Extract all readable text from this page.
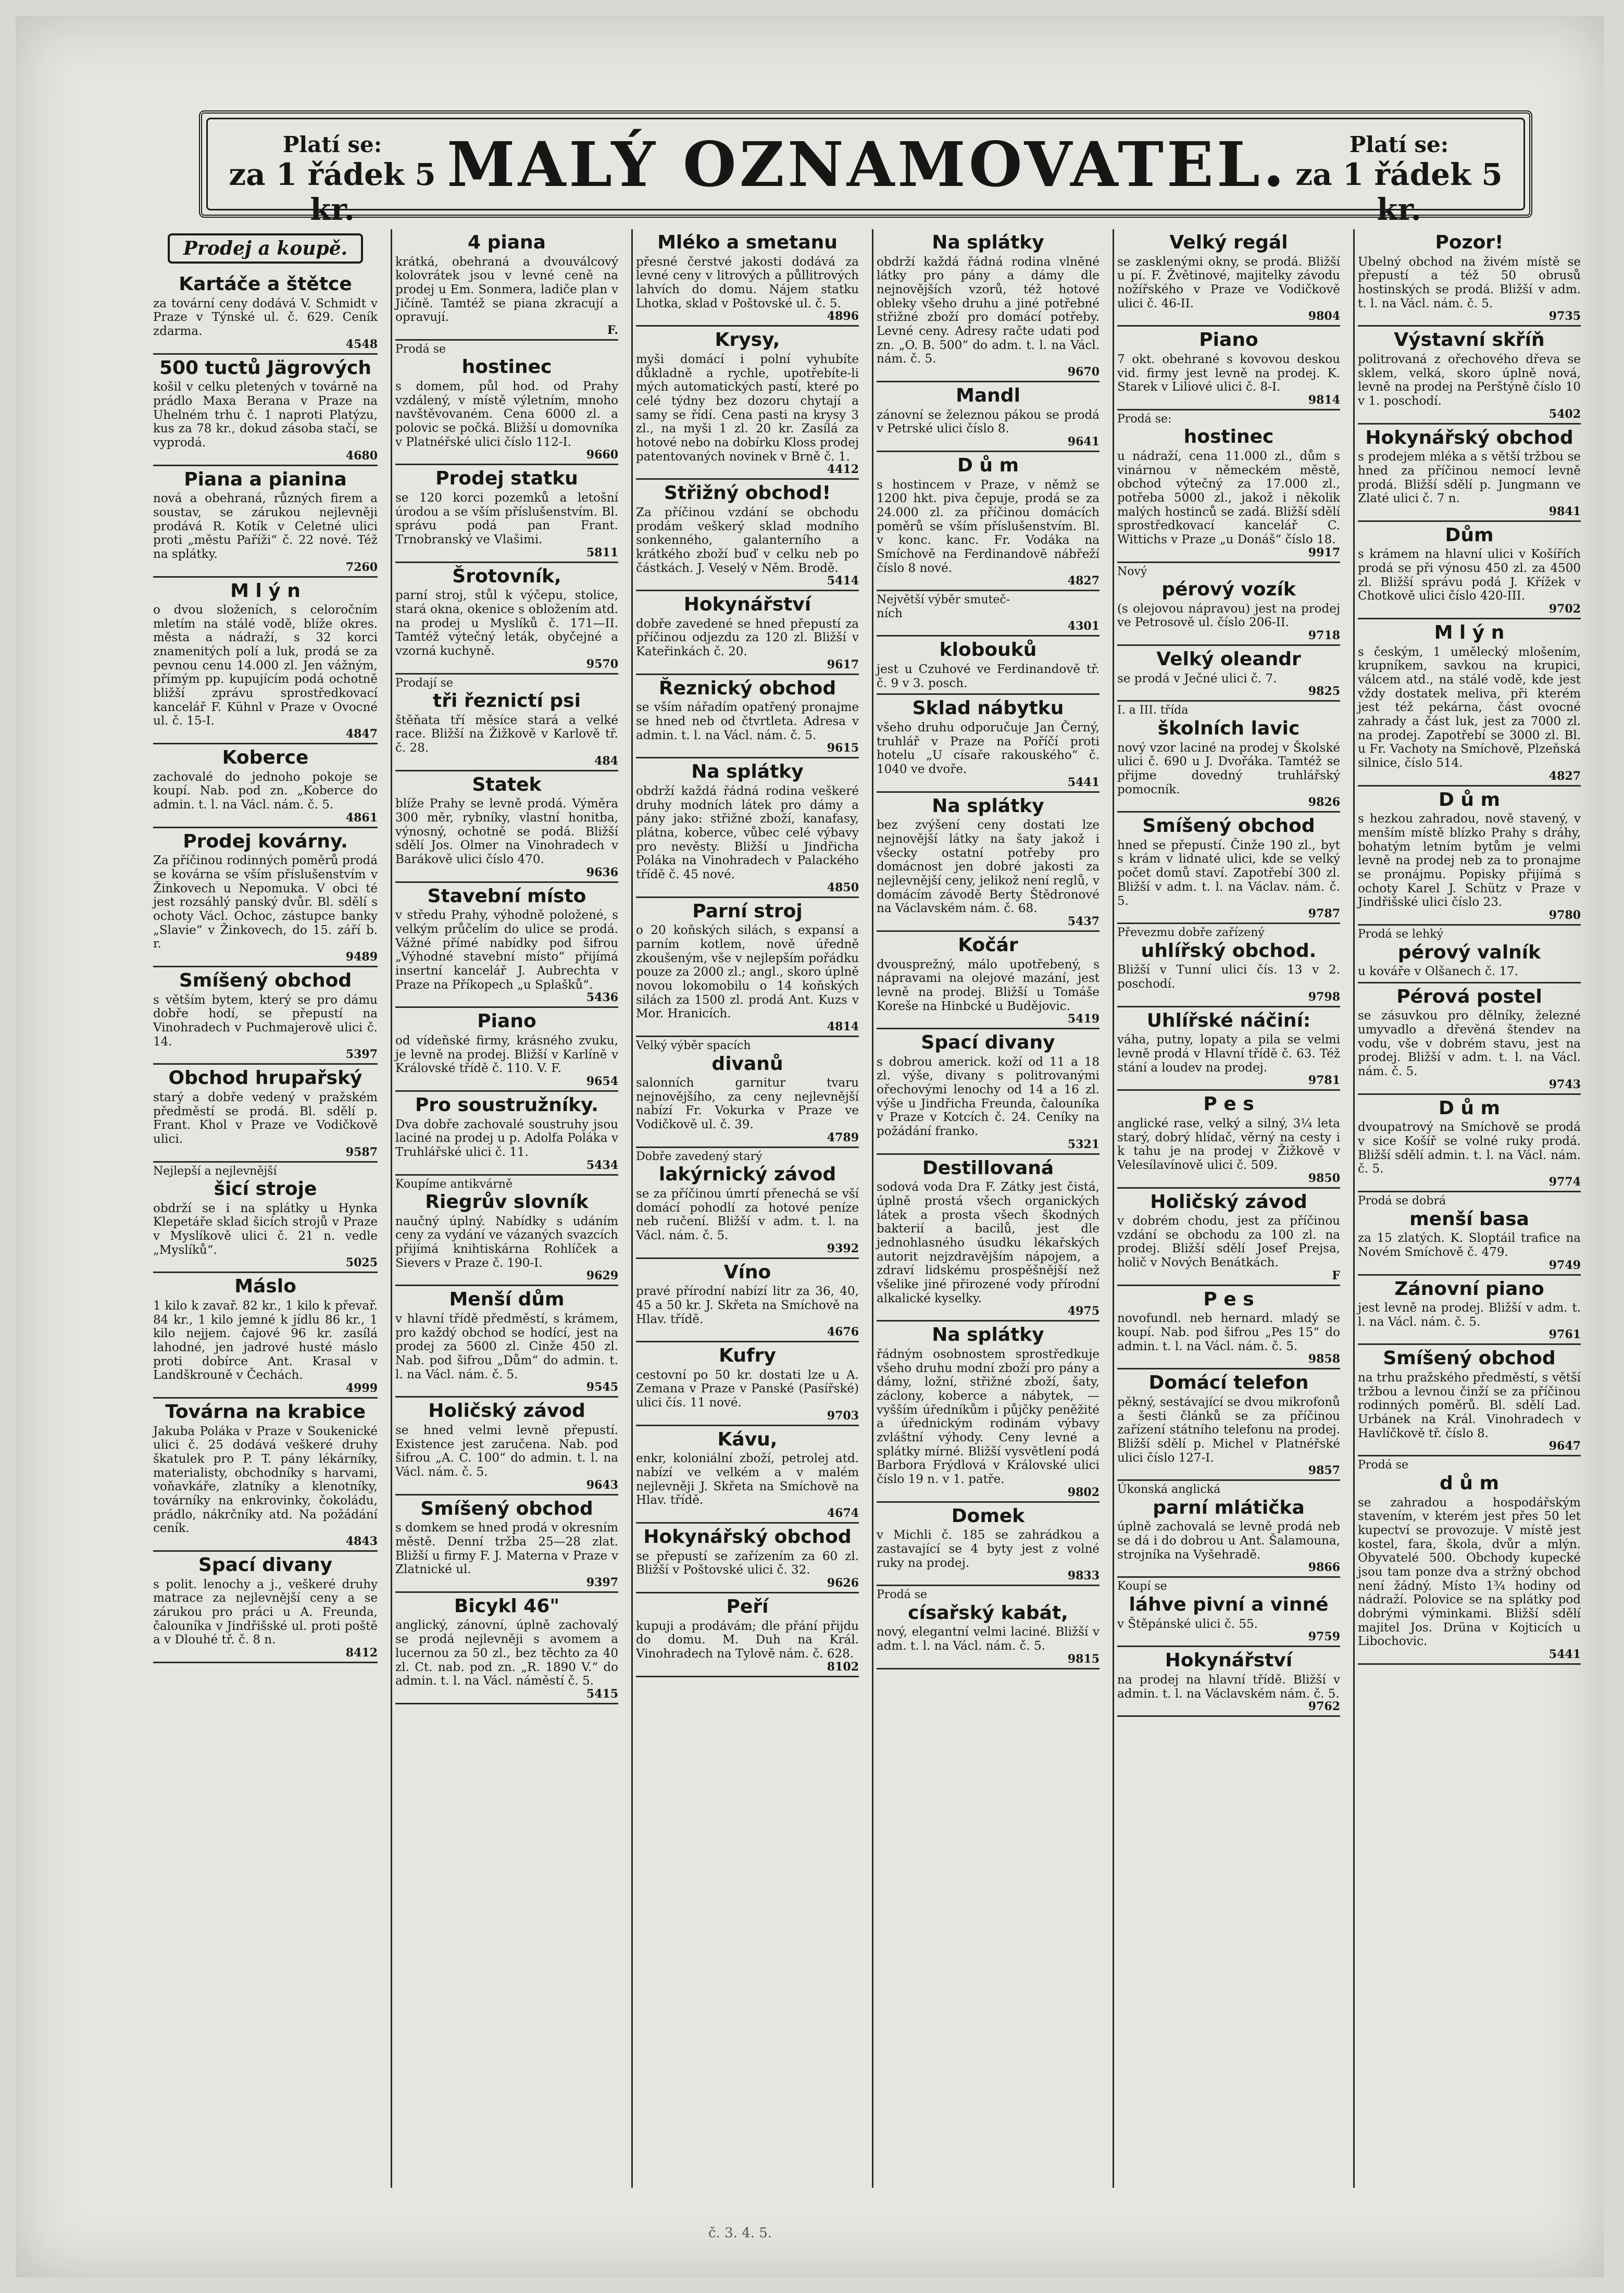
Platí se:
za 1 řádek 5 kr.
MALÝ OZNAMOVATEL.	Platí se:
za 1 řádek 5 kr.
Prodej a koupě.
Kartáče a štětce
za tovární ceny dodává V. Schmidt v Praze v Týnské ul. č. 629. Ceník zdarma.
4548
500 tuctů Jägrových
košil v celku pletených v továrně na prádlo Maxa Berana v Praze na Uhelném trhu č. 1 naproti Platýzu, kus za 78 kr., dokud zásoba stačí, se vyprodá.
4680
Piana a pianina
nová a obehraná, různých firem a soustav, se zárukou nejlevněji prodává R. Kotík v Celetné ulici proti „městu Paříži“ č. 22 nové. Též na splátky.
7260
M l ý n
o dvou složeních, s celoročním mletím na stálé vodě, blíže okres. města a nádraží, s 32 korci znamenitých polí a luk, prodá se za pevnou cenu 14.000 zl. Jen vážným, přímým pp. kupujícím podá ochotně bližší zprávu sprostředkovací kancelář F. Kühnl v Praze v Ovocné ul. č. 15-I.
4847
Koberce
zachovalé do jednoho pokoje se koupí. Nab. pod zn. „Koberce do admin. t. l. na Václ. nám. č. 5.
4861
Prodej kovárny.
Za příčinou rodinných poměrů prodá se kovárna se vším příslušenstvím v Žinkovech u Nepomuka. V obci té jest rozsáhlý panský dvůr. Bl. sdělí s ochoty Václ. Ochoc, zástupce banky „Slavie“ v Žinkovech, do 15. září b. r.
9489
Smíšený obchod
s větším bytem, který se pro dámu dobře hodí, se přepustí na Vinohradech v Puchmajerově ulici č. 14.
5397
Obchod hrupařský
starý a dobře vedený v pražském předměstí se prodá. Bl. sdělí p. Frant. Khol v Praze ve Vodičkově ulici.
9587
Nejlepší a nejlevnější
šicí stroje
obdrží se i na splátky u Hynka Klepetáře sklad šicích strojů v Praze v Myslíkově ulici č. 21 n. vedle „Myslíků“.
5025
Máslo
1 kilo k zavař. 82 kr., 1 kilo k převař. 84 kr., 1 kilo jemné k jídlu 86 kr., 1 kilo nejjem. čajové 96 kr. zasílá lahodné, jen jadrové husté máslo proti dobírce Ant. Krasal v Landškrouně v Čechách.
4999
Továrna na krabice
Jakuba Poláka v Praze v Soukenické ulici č. 25 dodává veškeré druhy škatulek pro P. T. pány lékárníky, materialisty, obchodníky s harvami, voňavkáře, zlatníky a klenotníky, továrníky na enkrovinky, čokoládu, prádlo, nákrčníky atd. Na požádání ceník.
4843
Spací divany
s polit. lenochy a j., veškeré druhy matrace za nejlevnější ceny a se zárukou pro práci u A. Freunda, čalouníka v Jindřišské ul. proti poště a v Dlouhé tř. č. 8 n.
8412
4 piana
krátká, obehraná a dvouválcový kolovrátek jsou v levné ceně na prodej u Em. Sonmera, ladiče plan v Jičíně. Tamtéž se piana zkracují a opravují.
F.
Prodá se
hostinec
s domem, půl hod. od Prahy vzdálený, v místě výletním, mnoho navštěvovaném. Cena 6000 zl. a polovic se počká. Bližší u domovníka v Platnéřské ulici číslo 112-I.
9660
Prodej statku
se 120 korci pozemků a letošní úrodou a se vším příslušenstvím. Bl. správu podá pan Frant. Trnobranský ve Vlašimi.
5811
Šrotovník,
parní stroj, stůl k výčepu, stolice, stará okna, okenice s obložením atd. na prodej u Myslíků č. 171—II. Tamtéž výtečný leták, obyčejné a vzorná kuchyně.
9570
Prodají se
tři řeznictí psi
štěňata tří měsíce stará a velké race. Bližší na Žižkově v Karlově tř. č. 28.
484
Statek
blíže Prahy se levně prodá. Výměra 300 měr, rybníky, vlastní honitba, výnosný, ochotně se podá. Bližší sdělí Jos. Olmer na Vinohradech v Barákově ulici číslo 470.
9636
Stavební místo
v středu Prahy, výhodně položené, s velkým průčelím do ulice se prodá. Vážné přímé nabídky pod šifrou „Výhodné stavební místo“ přijímá insertní kancelář J. Aubrechta v Praze na Příkopech „u Splašků“.
5436
Piano
od vídeňské firmy, krásného zvuku, je levně na prodej. Bližší v Karlíně v Královské třídě č. 110. V. F.
9654
Pro soustružníky.
Dva dobře zachovalé soustruhy jsou laciné na prodej u p. Adolfa Poláka v Truhlářské ulici č. 11.
5434
Koupíme antikvárně
Riegrův slovník
naučný úplný. Nabídky s udáním ceny za vydání ve vázaných svazcích přijímá knihtiskárna Rohlíček a Sievers v Praze č. 190-I.
9629
Menší dům
v hlavní třídě předměstí, s krámem, pro každý obchod se hodící, jest na prodej za 5600 zl. Cinže 450 zl. Nab. pod šifrou „Dům“ do admin. t. l. na Václ. nám. č. 5.
9545
Holičský závod
se hned velmi levně přepustí. Existence jest zaručena. Nab. pod šifrou „A. C. 100“ do admin. t. l. na Václ. nám. č. 5.
9643
Smíšený obchod
s domkem se hned prodá v okresním městě. Denní tržba 25—28 zlat. Bližší u firmy F. J. Materna v Praze v Zlatnické ul.
9397
Bicykl 46"
anglický, zánovní, úplně zachovalý se prodá nejlevněji s avomem a lucernou za 50 zl., bez těchto za 40 zl. Ct. nab. pod zn. „R. 1890 V.“ do admin. t. l. na Václ. náměstí č. 5.
5415
Mléko a smetanu
přesné čerstvé jakosti dodává za levné ceny v litrových a půllitrových lahvích do domu. Nájem statku Lhotka, sklad v Poštovské ul. č. 5.
4896
Krysy,
myši domácí i polní vyhubíte důkladně a rychle, upotřebíte-li mých automatických pastí, které po celé týdny bez dozoru chytají a samy se řídí. Cena pasti na krysy 3 zl., na myši 1 zl. 20 kr. Zasílá za hotové nebo na dobírku Kloss prodej patentovaných novinek v Brně č. 1.
4412
Střižný obchod!
Za příčinou vzdání se obchodu prodám veškerý sklad modního sonkenného, galanterního a krátkého zboží buď v celku neb po částkách. J. Veselý v Něm. Brodě.
5414
Hokynářství
dobře zavedené se hned přepustí za příčinou odjezdu za 120 zl. Bližší v Kateřinkách č. 20.
9617
Řeznický obchod
se vším nářadím opatřený pronajme se hned neb od čtvrtleta. Adresa v admin. t. l. na Václ. nám. č. 5.
9615
Na splátky
obdrží každá řádná rodina veškeré druhy modních látek pro dámy a pány jako: střižné zboží, kanafasy, plátna, koberce, vůbec celé výbavy pro nevěsty. Bližší u Jindřicha Poláka na Vinohradech v Palackého třídě č. 45 nové.
4850
Parní stroj
o 20 koňských silách, s expansí a parním kotlem, nově úředně zkoušeným, vše v nejlepším pořádku pouze za 2000 zl.; angl., skoro úplně novou lokomobilu o 14 koňských silách za 1500 zl. prodá Ant. Kuzs v Mor. Hranicích.
4814
Velký výběr spacích
divanů
salonních garnitur tvaru nejnovějšího, za ceny nejlevnější nabízí Fr. Vokurka v Praze ve Vodičkově ul. č. 39.
4789
Dobře zavedený starý
lakýrnický závod
se za příčinou úmrtí přenechá se vší domácí pohodlí za hotové peníze neb ručení. Bližší v adm. t. l. na Václ. nám. č. 5.
9392
Víno
pravé přírodní nabízí litr za 36, 40, 45 a 50 kr. J. Skřeta na Smíchově na Hlav. třídě.
4676
Kufry
cestovní po 50 kr. dostati lze u A. Zemana v Praze v Panské (Pasířské) ulici čís. 11 nové.
9703
Kávu,
enkr, koloniální zboží, petrolej atd. nabízí ve velkém a v malém nejlevněji J. Skřeta na Smíchově na Hlav. třídě.
4674
Hokynářský obchod
se přepustí se zařízením za 60 zl. Bližší v Poštovské ulici č. 32.
9626
Peří
kupuji a prodávám; dle přání přijdu do domu. M. Duh na Král. Vinohradech na Tylově nám. č. 628.
8102
Na splátky
obdrží každá řádná rodina vlněné látky pro pány a dámy dle nejnovějších vzorů, též hotové obleky všeho druhu a jiné potřebné střižné zboží pro domácí potřeby. Levné ceny. Adresy račte udati pod zn. „O. B. 500“ do adm. t. l. na Václ. nám. č. 5.
9670
Mandl
zánovní se železnou pákou se prodá v Petrské ulici číslo 8.
9641
D ů m
s hostincem v Praze, v němž se 1200 hkt. piva čepuje, prodá se za 24.000 zl. za příčinou domácích poměrů se vším příslušenstvím. Bl. v konc. kanc. Fr. Vodáka na Smíchově na Ferdinandově nábřeží číslo 8 nové.
4827
Největší výběr smuteč-
ních
4301
klobouků
jest u Czuhové ve Ferdinandově tř. č. 9 v 3. posch.
Sklad nábytku
všeho druhu odporučuje Jan Černý, truhlář v Praze na Poříčí proti hotelu „U císaře rakouského“ č. 1040 ve dvoře.
5441
Na splátky
bez zvýšení ceny dostati lze nejnovější látky na šaty jakož i všecky ostatní potřeby pro domácnost jen dobré jakosti za nejlevnější ceny, jelikož není reglů, v domácím závodě Berty Štědronové na Václavském nám. č. 68.
5437
Kočár
dvousprežný, málo upotřebený, s nápravami na olejové mazání, jest levně na prodej. Bližší u Tomáše Koreše na Hinbcké u Budějovic.
5419
Spací divany
s dobrou americk. koží od 11 a 18 zl. výše, divany s politrovanými ořechovými lenochy od 14 a 16 zl. výše u Jindřicha Freunda, čalouníka v Praze v Kotcích č. 24. Ceníky na požádání franko.
5321
Destillovaná
sodová voda Dra F. Zátky jest čistá, úplně prostá všech organických látek a prosta všech škodných bakterií a bacilů, jest dle jednohlasného úsudku lékařských autorit nejzdravějším nápojem, a zdraví lidskému prospěšnější než všelike jiné přirozené vody přírodní alkalické kyselky.
4975
Na splátky
řádným osobnostem sprostředkuje všeho druhu modní zboží pro pány a dámy, ložní, střižné zboží, šaty, záclony, koberce a nábytek, — vyšším úředníkům i půjčky peněžité a úřednickým rodinám výbavy zvláštní výhody. Ceny levné a splátky mírné. Bližší vysvětlení podá Barbora Frýdlová v Královské ulici číslo 19 n. v 1. patře.
9802
Domek
v Michli č. 185 se zahrádkou a zastavající se 4 byty jest z volné ruky na prodej.
9833
Prodá se
císařský kabát,
nový, elegantní velmi laciné. Bližší v adm. t. l. na Václ. nám. č. 5.
9815
Velký regál
se zasklenými okny, se prodá. Bližší u pí. F. Žvětinové, majitelky závodu nožířského v Praze ve Vodičkově ulici č. 46-II.
9804
Piano
7 okt. obehrané s kovovou deskou vid. firmy jest levně na prodej. K. Starek v Liliové ulici č. 8-I.
9814
Prodá se:
hostinec
u nádraží, cena 11.000 zl., dům s vinárnou v německém městě, obchod výtečný za 17.000 zl., potřeba 5000 zl., jakož i několik malých hostinců se zadá. Bližší sdělí sprostředkovací kancelář C. Wittichs v Praze „u Donáš“ číslo 18.
9917
Nový
pérový vozík
(s olejovou nápravou) jest na prodej ve Petrosově ul. číslo 206-II.
9718
Velký oleandr
se prodá v Ječné ulici č. 7.
9825
I. a III. třída
školních lavic
nový vzor laciné na prodej v Školské ulici č. 690 u J. Dvořáka. Tamtéž se přijme dovedný truhlářský pomocník.
9826
Smíšený obchod
hned se přepustí. Činže 190 zl., byt s krám v lidnaté ulici, kde se velký počet domů staví. Zapotřebí 300 zl. Bližší v adm. t. l. na Václav. nám. č. 5.
9787
Převezmu dobře zařízený
uhlířský obchod.
Bližší v Tunní ulici čís. 13 v 2. poschodí.
9798
Uhlířské náčiní:
váha, putny, lopaty a pila se velmi levně prodá v Hlavní třídě č. 63. Též stání a loudev na prodej.
9781
P e s
anglické rase, velký a silný, 3¼ leta starý, dobrý hlídač, věrný na cesty i k tahu je na prodej v Žižkově v Velesílavínově ulici č. 509.
9850
Holičský závod
v dobrém chodu, jest za příčinou vzdání se obchodu za 100 zl. na prodej. Bližší sdělí Josef Prejsa, holič v Nových Benátkách.
F
P e s
novofundl. neb hernard. mladý se koupí. Nab. pod šifrou „Pes 15“ do admin. t. l. na Václ. nám. č. 5.
9858
Domácí telefon
pěkný, sestávající se dvou mikrofonů a šesti článků se za příčinou zařízení státního telefonu na prodej. Bližší sdělí p. Michel v Platnéřské ulici číslo 127-I.
9857
Úkonská anglická
parní mlátička
úplně zachovalá se levně prodá neb se dá i do dobrou u Ant. Šalamouna, strojníka na Vyšehradě.
9866
Koupí se
láhve pivní a vinné
v Štěpánské ulici č. 55.
9759
Hokynářství
na prodej na hlavní třídě. Bližší v admin. t. l. na Václavském nám. č. 5.
9762
Pozor!
Ubelný obchod na živém místě se přepustí a též 50 obrusů hostinských se prodá. Bližší v adm. t. l. na Václ. nám. č. 5.
9735
Výstavní skříň
politrovaná z ořechového dřeva se sklem, velká, skoro úplně nová, levně na prodej na Perštýně číslo 10 v 1. poschodí.
5402
Hokynářský obchod
s prodejem mléka a s větší tržbou se hned za příčinou nemocí levně prodá. Bližší sdělí p. Jungmann ve Zlaté ulici č. 7 n.
9841
Dům
s krámem na hlavní ulici v Košířích prodá se při výnosu 450 zl. za 4500 zl. Bližší správu podá J. Křížek v Chotkově ulici číslo 420-III.
9702
M l ý n
s českým, 1 umělecký mlošením, krupníkem, savkou na krupici, válcem atd., na stálé vodě, kde jest vždy dostatek meliva, při kterém jest též pekárna, část ovocné zahrady a část luk, jest za 7000 zl. na prodej. Zapotřebí se 3000 zl. Bl. u Fr. Vachoty na Smíchově, Plzeňská silnice, číslo 514.
4827
D ů m
s hezkou zahradou, nově stavený, v menším místě blízko Prahy s dráhy, bohatým letním bytům je velmi levně na prodej neb za to pronajme se pronájmu. Popisky přijímá s ochoty Karel J. Schütz v Praze v Jindřišské ulici číslo 23.
9780
Prodá se lehký
pérový valník
u kováře v Olšanech č. 17.
Pérová postel
se zásuvkou pro dělníky, železné umyvadlo a dřevěná štendev na vodu, vše v dobrém stavu, jest na prodej. Bližší v adm. t. l. na Václ. nám. č. 5.
9743
D ů m
dvoupatrový na Smíchově se prodá v sice Košíř se volné ruky prodá. Bližší sdělí admin. t. l. na Václ. nám. č. 5.
9774
Prodá se dobrá
menší basa
za 15 zlatých. K. Sloptáil trafice na Novém Smíchově č. 479.
9749
Zánovní piano
jest levně na prodej. Bližší v adm. t. l. na Václ. nám. č. 5.
9761
Smíšený obchod
na trhu pražského předměstí, s větší tržbou a levnou činží se za příčinou rodinných poměrů. Bl. sdělí Lad. Urbánek na Král. Vinohradech v Havlíčkově tř. číslo 8.
9647
Prodá se
d ů m
se zahradou a hospodářským stavením, v kterém jest přes 50 let kupectví se provozuje. V místě jest kostel, fara, škola, dvůr a mlýn. Obyvatelé 500. Obchody kupecké jsou tam ponze dva a stržný obchod není žádný. Místo 1¾ hodiny od nádraží. Polovice se na splátky pod dobrými výminkami. Bližší sdělí majitel Jos. Drüna v Kojticích u Libochovic.
5441
č. 3. 4. 5.
